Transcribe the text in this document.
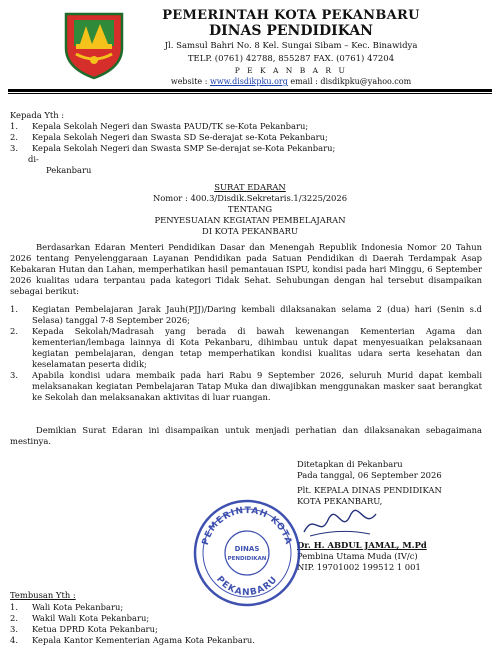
PEMERINTAH KOTA PEKANBARU
DINAS PENDIDIKAN
Jl. Samsul Bahri No. 8 Kel. Sungai Sibam – Kec. Binawidya
TELP. (0761) 42788, 855287 FAX. (0761) 47204
P E K A N B A R U
website : www.disdikpku.org email : disdikpku@yahoo.com
Kepada Yth :
1. Kepala Sekolah Negeri dan Swasta PAUD/TK se-Kota Pekanbaru;
2. Kepala Sekolah Negeri dan Swasta SD Se-derajat se-Kota Pekanbaru;
3. Kepala Sekolah Negeri dan Swasta SMP Se-derajat se-Kota Pekanbaru;
di-
Pekanbaru
SURAT EDARAN
Nomor : 400.3/Disdik.Sekretaris.1/3225/2026
TENTANG
PENYESUAIAN KEGIATAN PEMBELAJARAN
DI KOTA PEKANBARU
Berdasarkan Edaran Menteri Pendidikan Dasar dan Menengah Republik Indonesia Nomor 20 Tahun 2026 tentang Penyelenggaraan Layanan Pendidikan pada Satuan Pendidikan di Daerah Terdampak Asap Kebakaran Hutan dan Lahan, memperhatikan hasil pemantauan ISPU, kondisi pada hari Minggu, 6 September 2026 kualitas udara terpantau pada kategori Tidak Sehat. Sehubungan dengan hal tersebut disampaikan sebagai berikut:
1. Kegiatan Pembelajaran Jarak Jauh(PJJ)/Daring kembali dilaksanakan selama 2 (dua) hari (Senin s.d Selasa) tanggal 7-8 September 2026;
2. Kepada Sekolah/Madrasah yang berada di bawah kewenangan Kementerian Agama dan kementerian/lembaga lainnya di Kota Pekanbaru, dihimbau untuk dapat menyesuaikan pelaksanaan kegiatan pembelajaran, dengan tetap memperhatikan kondisi kualitas udara serta kesehatan dan keselamatan peserta didik;
3. Apabila kondisi udara membaik pada hari Rabu 9 September 2026, seluruh Murid dapat kembali melaksanakan kegiatan Pembelajaran Tatap Muka dan diwajibkan menggunakan masker saat berangkat ke Sekolah dan melaksanakan aktivitas di luar ruangan.
Demikian Surat Edaran ini disampaikan untuk menjadi perhatian dan dilaksanakan sebagaimana mestinya.
Ditetapkan di Pekanbaru
Pada tanggal, 06 September 2026
Plt. KEPALA DINAS PENDIDIKAN
KOTA PEKANBARU,
Dr. H. ABDUL JAMAL, M.Pd
Pembina Utama Muda (IV/c)
NIP. 19701002 199512 1 001
PEMERINTAH KOTA
PEKANBARU
DINAS
PENDIDIKAN
Tembusan Yth :
1. Wali Kota Pekanbaru;
2. Wakil Wali Kota Pekanbaru;
3. Ketua DPRD Kota Pekanbaru;
4. Kepala Kantor Kementerian Agama Kota Pekanbaru.
